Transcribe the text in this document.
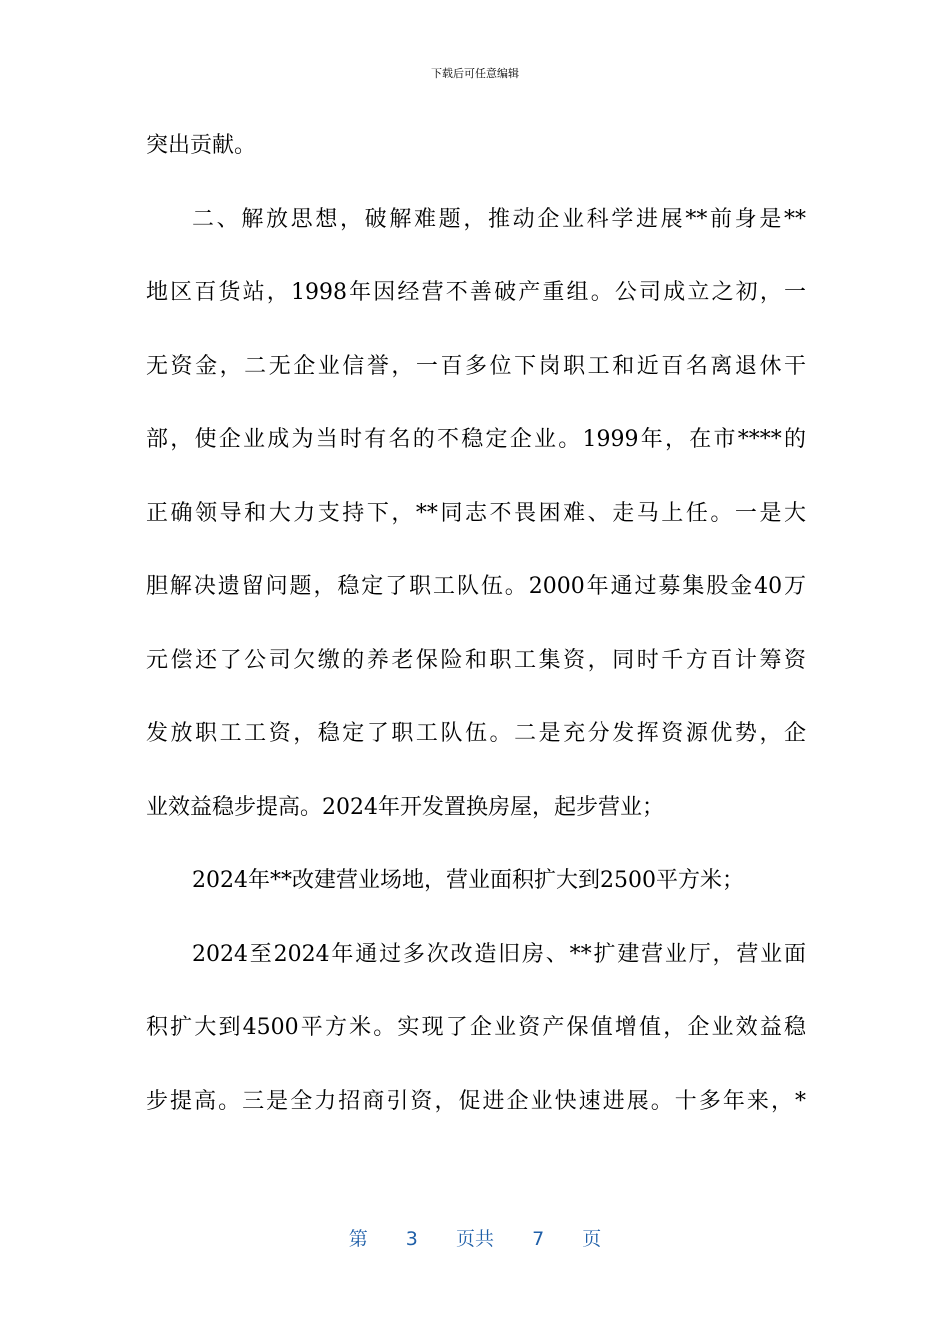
下载后可任意编辑
突出贡献。
二、解放思想，破解难题，推动企业科学进展**前身是**
地区百货站，1998年因经营不善破产重组。公司成立之初，一
无资金，二无企业信誉，一百多位下岗职工和近百名离退休干
部，使企业成为当时有名的不稳定企业。1999年，在市****的
正确领导和大力支持下，**同志不畏困难、走马上任。一是大
胆解决遗留问题，稳定了职工队伍。2000年通过募集股金40万
元偿还了公司欠缴的养老保险和职工集资，同时千方百计筹资
发放职工工资，稳定了职工队伍。二是充分发挥资源优势，企
业效益稳步提高。2024年开发置换房屋，起步营业；
2024年**改建营业场地，营业面积扩大到2500平方米；
2024至2024年通过多次改造旧房、**扩建营业厅，营业面
积扩大到4500平方米。实现了企业资产保值增值，企业效益稳
步提高。三是全力招商引资，促进企业快速进展。十多年来，*
第 3 页共 7 页
